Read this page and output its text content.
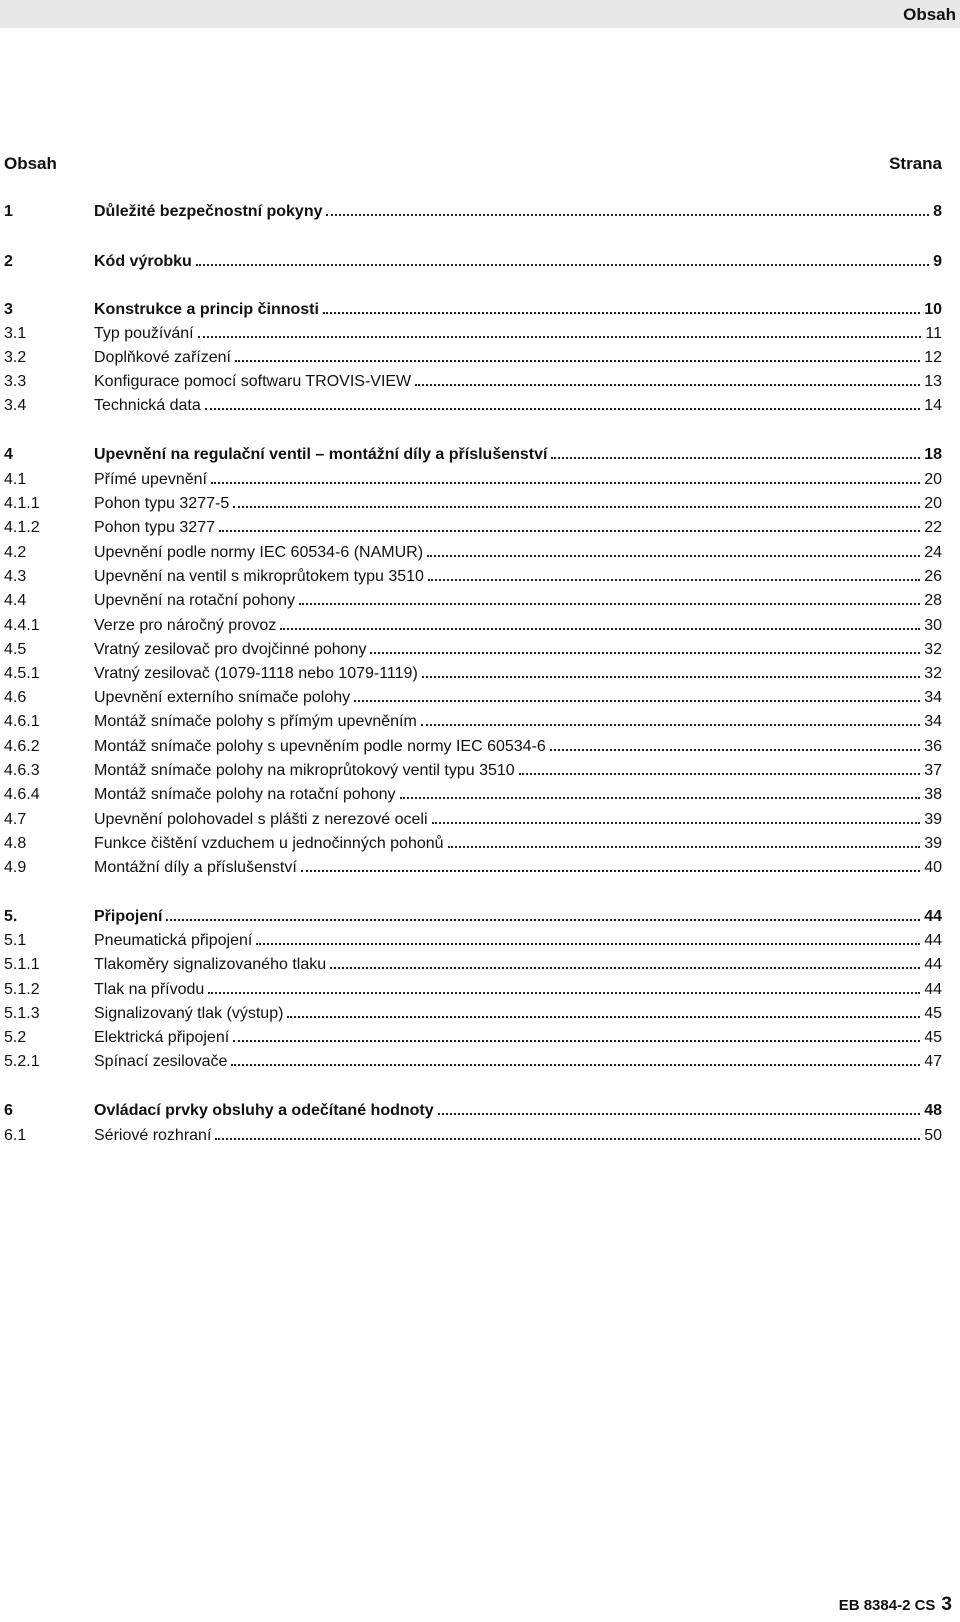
Obsah
Obsah	Strana
1	Důležité bezpečnostní pokyny	8
2	Kód výrobku	9
3	Konstrukce a princip činnosti	10
3.1	Typ používání	11
3.2	Doplňkové zařízení	12
3.3	Konfigurace pomocí softwaru TROVIS-VIEW	13
3.4	Technická data	14
4	Upevnění na regulační ventil – montážní díly a příslušenství	18
4.1	Přímé upevnění	20
4.1.1	Pohon typu 3277-5	20
4.1.2	Pohon typu 3277	22
4.2	Upevnění podle normy IEC 60534-6 (NAMUR)	24
4.3	Upevnění na ventil s mikroprůtokem typu 3510	26
4.4	Upevnění na rotační pohony	28
4.4.1	Verze pro náročný provoz	30
4.5	Vratný zesilovač pro dvojčinné pohony	32
4.5.1	Vratný zesilovač (1079-1118 nebo 1079-1119)	32
4.6	Upevnění externího snímače polohy	34
4.6.1	Montáž snímače polohy s přímým upevněním	34
4.6.2	Montáž snímače polohy s upevněním podle normy IEC 60534-6	36
4.6.3	Montáž snímače polohy na mikroprůtokový ventil typu 3510	37
4.6.4	Montáž snímače polohy na rotační pohony	38
4.7	Upevnění polohovadel s plášti z nerezové oceli	39
4.8	Funkce čištění vzduchem u jednočinných pohonů	39
4.9	Montážní díly a příslušenství	40
5.	Připojení	44
5.1	Pneumatická připojení	44
5.1.1	Tlakoměry signalizovaného tlaku	44
5.1.2	Tlak na přívodu	44
5.1.3	Signalizovaný tlak (výstup)	45
5.2	Elektrická připojení	45
5.2.1	Spínací zesilovače	47
6	Ovládací prvky obsluhy a odečítané hodnoty	48
6.1	Sériové rozhraní	50
EB 8384-2 CS 3
